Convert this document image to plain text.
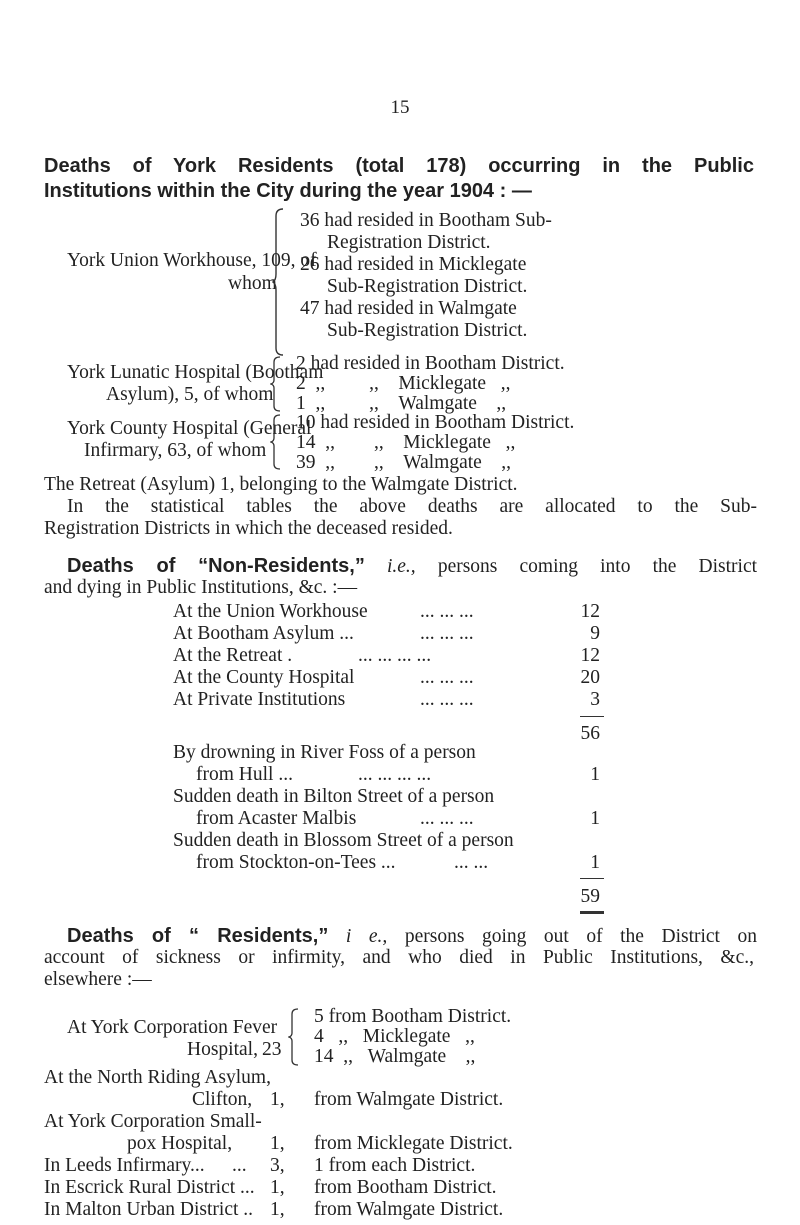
15
Deaths of York Residents (total 178) occurring in the Public
Institutions within the City during the year 1904 : —
York Union Workhouse, 109, of
whom
36 had resided in Bootham Sub-
Registration District.
26 had resided in Micklegate
Sub-Registration District.
47 had resided in Walmgate
Sub-Registration District.
York Lunatic Hospital (Bootham
Asylum), 5, of whom
2 had resided in Bootham District.
2  ,,         ,,    Micklegate   ,,
1  ,,         ,,    Walmgate    ,,
York County Hospital (General
Infirmary, 63, of whom
10 had resided in Bootham District.
14  ,,        ,,    Micklegate   ,,
39  ,,        ,,    Walmgate    ,,
The Retreat (Asylum) 1, belonging to the Walmgate District.
In the statistical tables the above deaths are allocated to the Sub-
Registration Districts in which the deceased resided.
Deaths of “Non-Residents,” i.e., persons coming into the District
and dying in Public Institutions, &c. :—
At the Union Workhouse	... ... ...	12
At Bootham Asylum ...	... ... ...	9
At the Retreat .	... ... ... ...	12
At the County Hospital	... ... ...	20
At Private Institutions	... ... ...	3
56
By drowning in River Foss of a person
from Hull ...	... ... ... ...	1
Sudden death in Bilton Street of a person
from Acaster Malbis	... ... ...	1
Sudden death in Blossom Street of a person
from Stockton-on-Tees ...	... ...	1
59
Deaths of “ Residents,” i e., persons going out of the District on
account of sickness or infirmity, and who died in Public Institutions, &c.,
elsewhere :—
At York Corporation Fever
Hospital, 23
5 from Bootham District.
4   ,,   Micklegate   ,,
14  ,,   Walmgate    ,,
At the North Riding Asylum,
Clifton, 1, from Walmgate District.
At York Corporation Small-
pox Hospital, 1, from Micklegate District.
In Leeds Infirmary... ... 3, 1 from each District.
In Escrick Rural District ... 1, from Bootham District.
In Malton Urban District .. 1, from Walmgate District.
